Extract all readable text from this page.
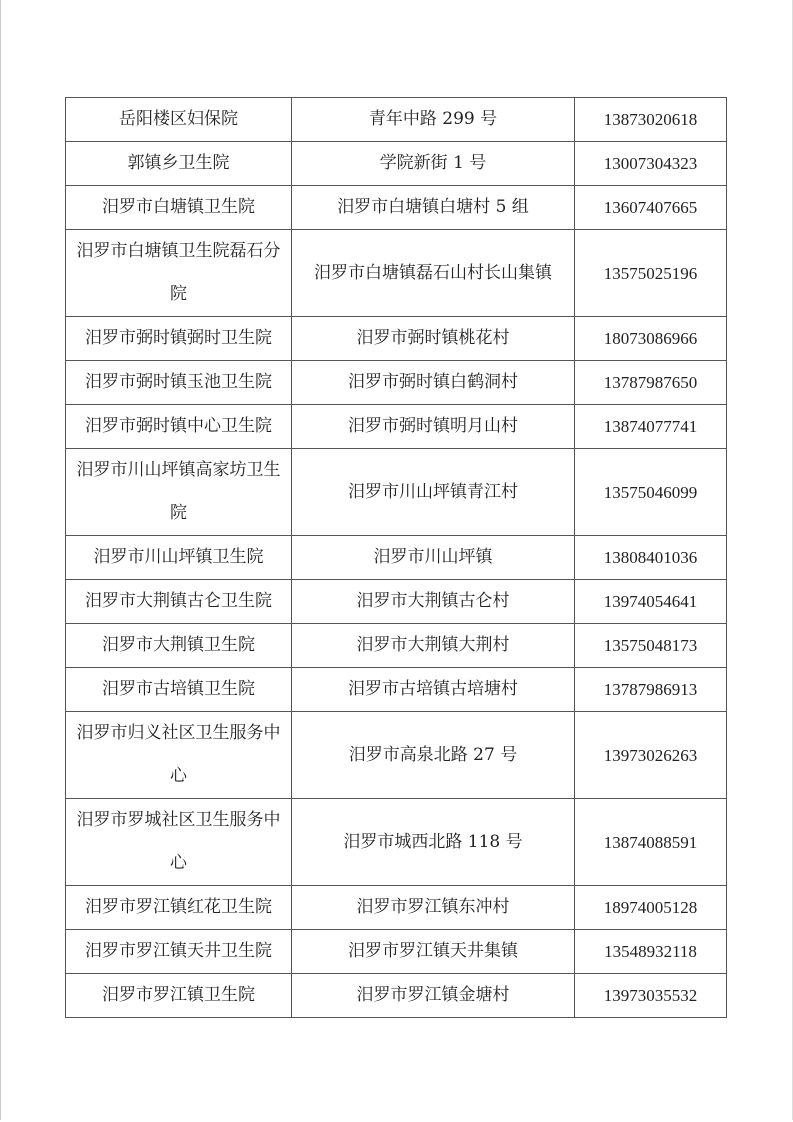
岳阳楼区妇保院	青年中路 299 号	13873020618
郭镇乡卫生院	学院新街 1 号	13007304323
汨罗市白塘镇卫生院	汨罗市白塘镇白塘村 5 组	13607407665
汨罗市白塘镇卫生院磊石分院	汨罗市白塘镇磊石山村长山集镇	13575025196
汨罗市弼时镇弼时卫生院	汨罗市弼时镇桃花村	18073086966
汨罗市弼时镇玉池卫生院	汨罗市弼时镇白鹤洞村	13787987650
汨罗市弼时镇中心卫生院	汨罗市弼时镇明月山村	13874077741
汨罗市川山坪镇高家坊卫生院	汨罗市川山坪镇青江村	13575046099
汨罗市川山坪镇卫生院	汨罗市川山坪镇	13808401036
汨罗市大荆镇古仑卫生院	汨罗市大荆镇古仑村	13974054641
汨罗市大荆镇卫生院	汨罗市大荆镇大荆村	13575048173
汨罗市古培镇卫生院	汨罗市古培镇古培塘村	13787986913
汨罗市归义社区卫生服务中心	汨罗市高泉北路 27 号	13973026263
汨罗市罗城社区卫生服务中心	汨罗市城西北路 118 号	13874088591
汨罗市罗江镇红花卫生院	汨罗市罗江镇东冲村	18974005128
汨罗市罗江镇天井卫生院	汨罗市罗江镇天井集镇	13548932118
汨罗市罗江镇卫生院	汨罗市罗江镇金塘村	13973035532
